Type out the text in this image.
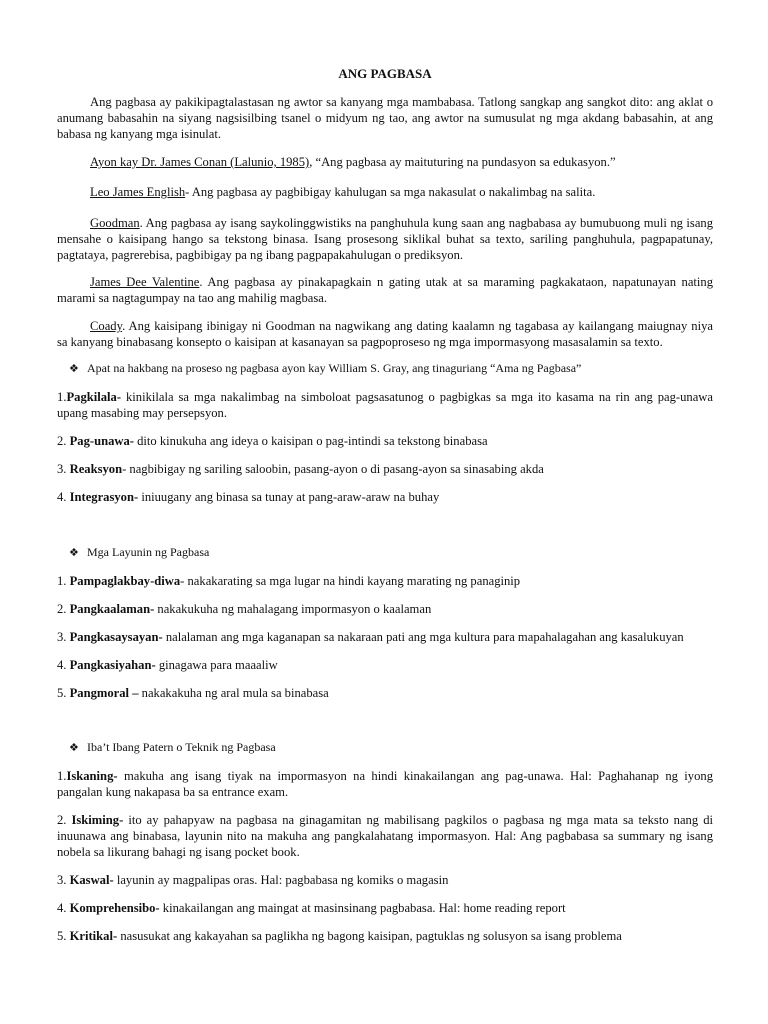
ANG PAGBASA

Ang pagbasa ay pakikipagtalastasan ng awtor sa kanyang mga mambabasa. Tatlong sangkap ang sangkot dito: ang aklat o anumang babasahin na siyang nagsisilbing tsanel o midyum ng tao, ang awtor na sumusulat ng mga akdang babasahin, at ang babasa ng kanyang mga isinulat.

Ayon kay Dr. James Conan (Lalunio, 1985), “Ang pagbasa ay maituturing na pundasyon sa edukasyon.”

Leo James English- Ang pagbasa ay pagbibigay kahulugan sa mga nakasulat o nakalimbag na salita.

Goodman. Ang pagbasa ay isang saykolinggwistiks na panghuhula kung saan ang nagbabasa ay bumubuong muli ng isang mensahe o kaisipang hango sa tekstong binasa. Isang prosesong siklikal buhat sa texto, sariling panghuhula, pagpapatunay, pagtataya, pagrerebisa, pagbibigay pa ng ibang pagpapakahulugan o prediksyon.

James Dee Valentine. Ang pagbasa ay pinakapagkain n gating utak at sa maraming pagkakataon, napatunayan nating marami sa nagtagumpay na tao ang mahilig magbasa.

Coady. Ang kaisipang ibinigay ni Goodman na nagwikang ang dating kaalamn ng tagabasa ay kailangang maiugnay niya sa kanyang binabasang konsepto o kaisipan at kasanayan sa pagpoproseso ng mga impormasyong masasalamin sa texto.

❖ Apat na hakbang na proseso ng pagbasa ayon kay William S. Gray, ang tinaguriang “Ama ng Pagbasa”

1.Pagkilala- kinikilala sa mga nakalimbag na simboloat pagsasatunog o pagbigkas sa mga ito kasama na rin ang pag-unawa upang masabing may persepsyon.

2. Pag-unawa- dito kinukuha ang ideya o kaisipan o pag-intindi sa tekstong binabasa

3. Reaksyon- nagbibigay ng sariling saloobin, pasang-ayon o di pasang-ayon sa sinasabing akda

4. Integrasyon- iniuugany ang binasa sa tunay at pang-araw-araw na buhay

❖ Mga Layunin ng Pagbasa

1. Pampaglakbay-diwa- nakakarating sa mga lugar na hindi kayang marating ng panaginip

2. Pangkaalaman- nakakukuha ng mahalagang impormasyon o kaalaman

3. Pangkasaysayan- nalalaman ang mga kaganapan sa nakaraan pati ang mga kultura para mapahalagahan ang kasalukuyan

4. Pangkasiyahan- ginagawa para maaaliw

5. Pangmoral – nakakakuha ng aral mula sa binabasa

❖ Iba’t Ibang Patern o Teknik ng Pagbasa

1.Iskaning- makuha ang isang tiyak na impormasyon na hindi kinakailangan ang pag-unawa. Hal: Paghahanap ng iyong pangalan kung nakapasa ba sa entrance exam.

2. Iskiming- ito ay pahapyaw na pagbasa na ginagamitan ng mabilisang pagkilos o pagbasa ng mga mata sa teksto nang di inuunawa ang binabasa, layunin nito na makuha ang pangkalahatang impormasyon. Hal: Ang pagbabasa sa summary ng isang nobela sa likurang bahagi ng isang pocket book.

3. Kaswal- layunin ay magpalipas oras. Hal: pagbabasa ng komiks o magasin

4. Komprehensibo- kinakailangan ang maingat at masinsinang pagbabasa. Hal: home reading report

5. Kritikal- nasusukat ang kakayahan sa paglikha ng bagong kaisipan, pagtuklas ng solusyon sa isang problema
